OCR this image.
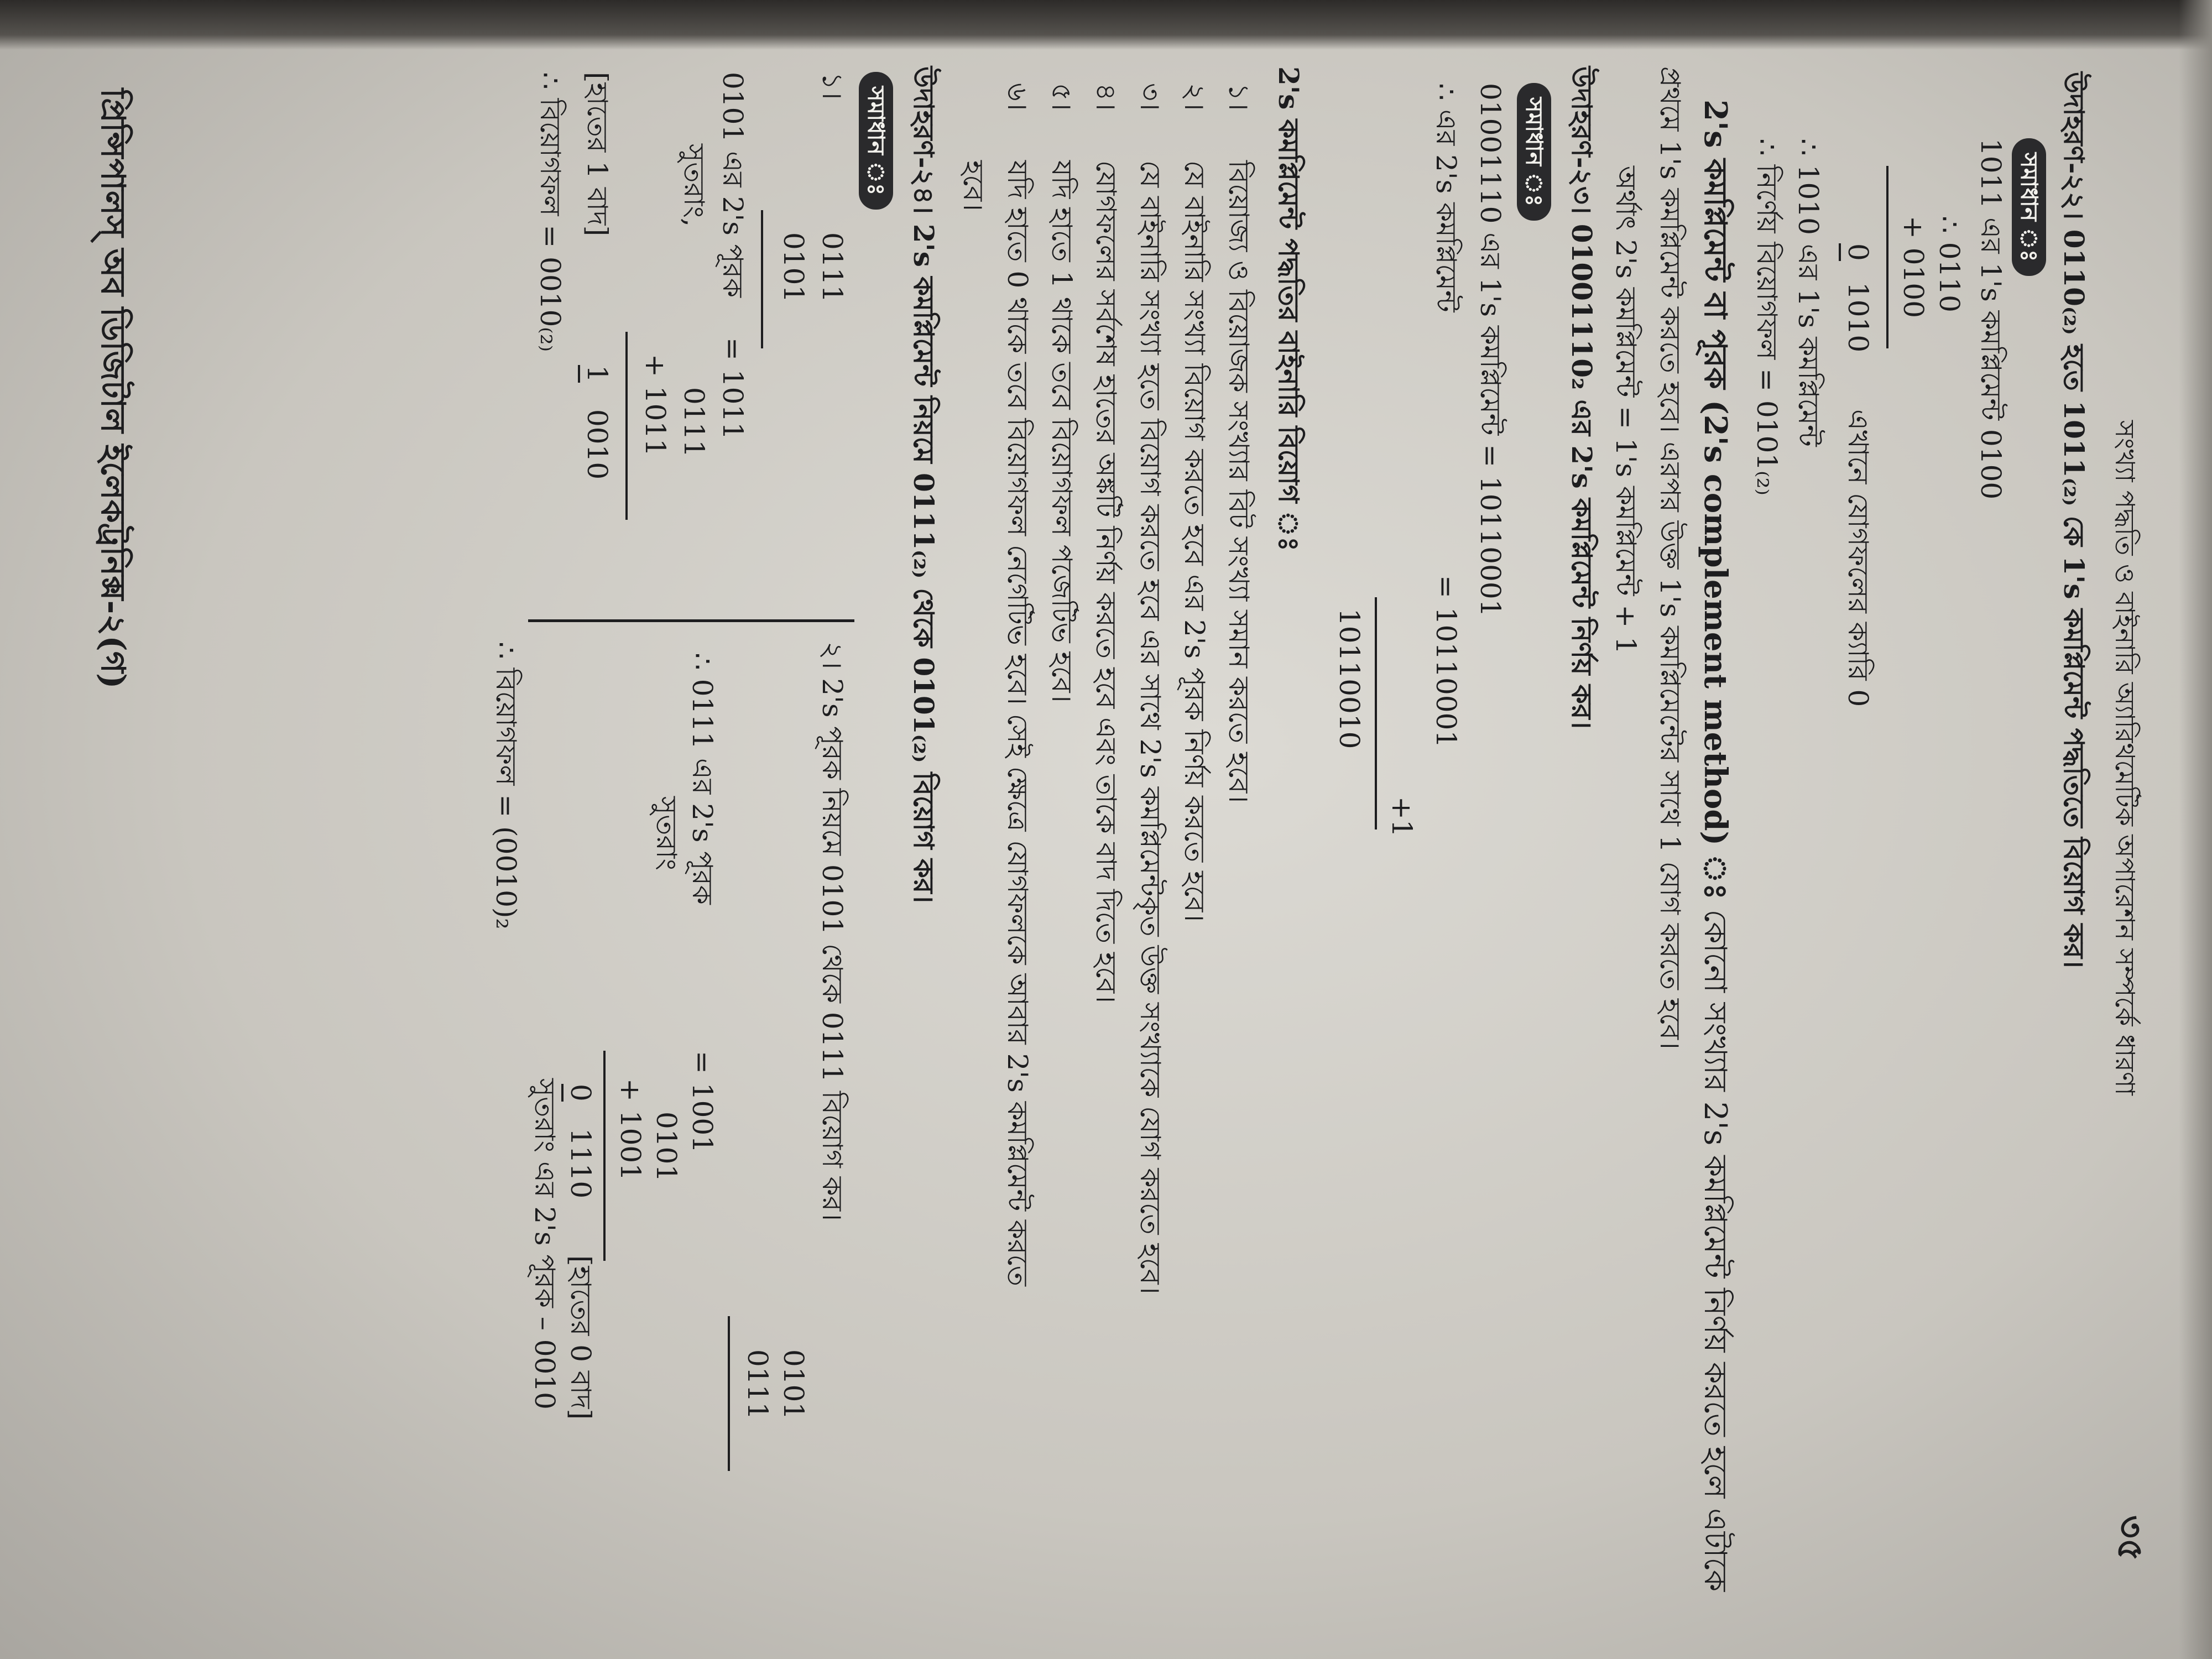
সংখ্যা পদ্ধতি ও বাইনারি অ্যারিথমেটিক অপারেশন সম্পর্কে ধারণা
৩৫
উদাহরণ-২২। 0110₍₂₎ হতে 1011₍₂₎ কে 1's কমপ্লিমেন্ট পদ্ধতিতে বিয়োগ কর।
সমাধান ঃ
1011 এর 1's কমপ্লিমেন্ট 0100
∴ 0110
+ 0100
0
1010
এখানে যোগফলের ক্যারি 0
∴ 1010 এর 1's কমপ্লিমেন্ট
∴ নির্ণেয় বিয়োগফল = 0101₍₂₎
2's কমপ্লিমেন্ট বা পূরক (2's complement method) ঃ কোনো সংখ্যার 2's কমপ্লিমেন্ট নির্ণয় করতে হলে এটাকে
প্রথমে 1's কমপ্লিমেন্ট করতে হবে। এরপর উক্ত 1's কমপ্লিমেন্টের সাথে 1 যোগ করতে হবে।
অর্থাৎ 2's কমপ্লিমেন্ট = 1's কমপ্লিমেন্ট + 1
উদাহরণ-২৩। 01001110₂ এর 2's কমপ্লিমেন্ট নির্ণয় কর।
সমাধান ঃ
01001110 এর 1's কমপ্লিমেন্ট = 10110001
∴ এর 2's কমপ্লিমেন্ট
= 10110001
+1
10110010
2's কমপ্লিমেন্ট পদ্ধতির বাইনারি বিয়োগ ঃ
১।
বিয়োজ্য ও বিয়োজক সংখ্যার বিট সংখ্যা সমান করতে হবে।
২।
যে বাইনারি সংখ্যা বিয়োগ করতে হবে এর 2's পূরক নির্ণয় করতে হবে।
৩।
যে বাইনারি সংখ্যা হতে বিয়োগ করতে হবে এর সাথে 2's কমপ্লিমেন্টকৃত উক্ত সংখ্যাকে যোগ করতে হবে।
৪।
যোগফলের সর্বশেষ হাতের অঙ্কটি নির্ণয় করতে হবে এবং তাকে বাদ দিতে হবে।
৫।
যদি হাতে 1 থাকে তবে বিয়োগফল পজেটিভ হবে।
৬।
যদি হাতে 0 থাকে তবে বিয়োগফল নেগেটিভ হবে। সেই ক্ষেত্রে যোগফলকে আবার 2's কমপ্লিমেন্ট করতে
হবে।
উদাহরণ-২৪। 2's কমপ্লিমেন্ট নিয়মে 0111₍₂₎ থেকে 0101₍₂₎ বিয়োগ কর।
সমাধান ঃ
১।
0111
0101
0101 এর 2's পূরক
= 1011
সুতরাং,
0111
+ 1011
[হাতের 1 বাদ]
1
0010
∴ বিয়োগফল = 0010₍₂₎
২। 2's পূরক নিয়মে 0101 থেকে 0111 বিয়োগ কর।
0101
0111
∴ 0111 এর 2's পূরক
= 1001
সুতরাং
0101
+ 1001
0
1110
[হাতের 0 বাদ]
সুতরাং এর 2's পূরক – 0010
∴ বিয়োগফল = (0010)₂
প্রিন্সিপালস্ অব ডিজিটাল ইলেকট্রনিক্স-২(গ)
